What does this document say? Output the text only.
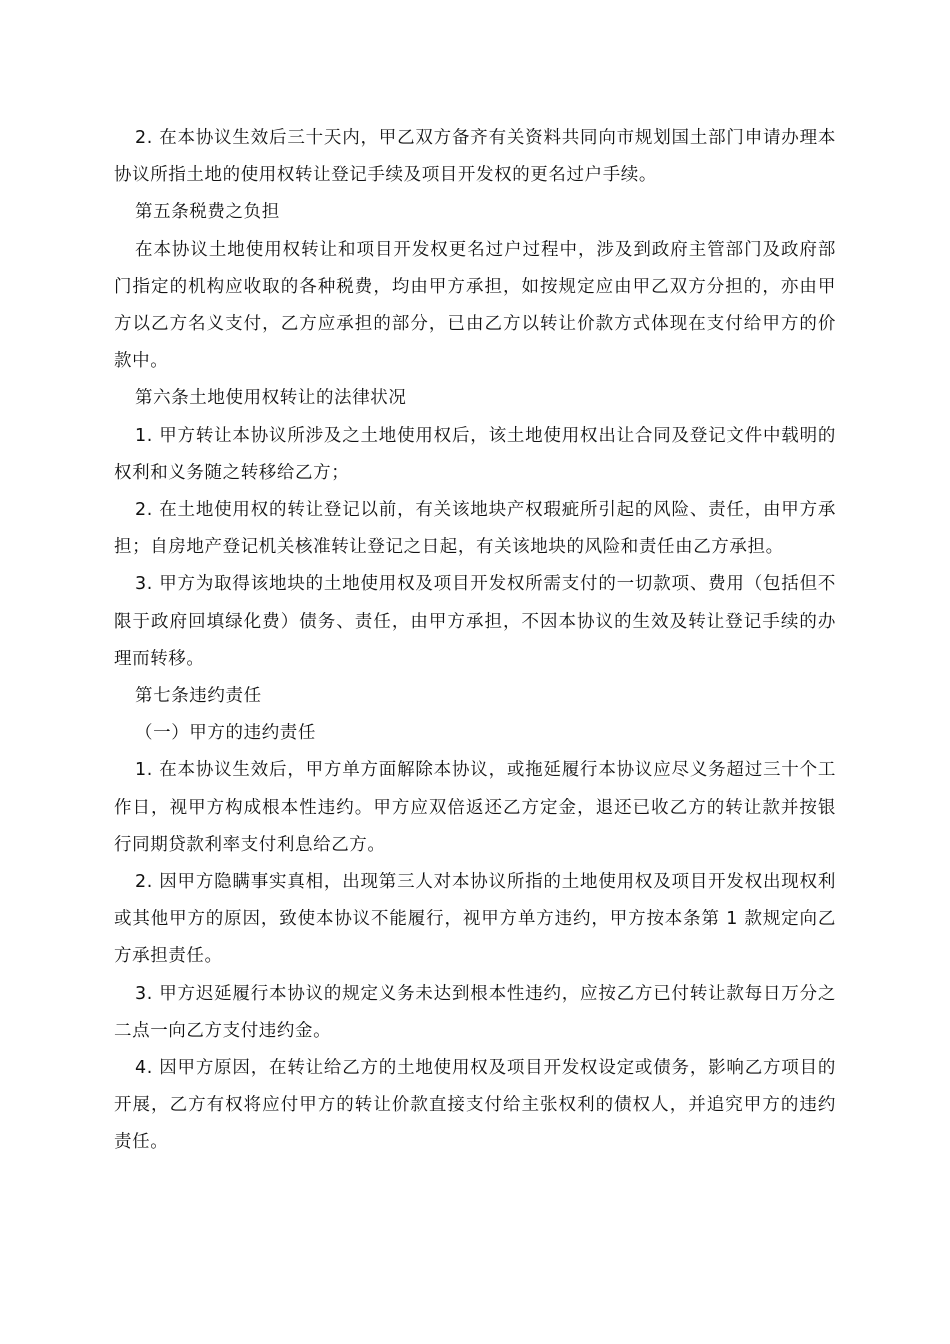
2. 在本协议生效后三十天内，甲乙双方备齐有关资料共同向市规划国土部门申请办理本协议所指土地的使用权转让登记手续及项目开发权的更名过户手续。

第五条税费之负担

在本协议土地使用权转让和项目开发权更名过户过程中，涉及到政府主管部门及政府部门指定的机构应收取的各种税费，均由甲方承担，如按规定应由甲乙双方分担的，亦由甲方以乙方名义支付，乙方应承担的部分，已由乙方以转让价款方式体现在支付给甲方的价款中。

第六条土地使用权转让的法律状况

1. 甲方转让本协议所涉及之土地使用权后，该土地使用权出让合同及登记文件中载明的权利和义务随之转移给乙方；

2. 在土地使用权的转让登记以前，有关该地块产权瑕疵所引起的风险、责任，由甲方承担；自房地产登记机关核准转让登记之日起，有关该地块的风险和责任由乙方承担。

3. 甲方为取得该地块的土地使用权及项目开发权所需支付的一切款项、费用（包括但不限于政府回填绿化费）债务、责任，由甲方承担，不因本协议的生效及转让登记手续的办理而转移。

第七条违约责任

（一）甲方的违约责任

1. 在本协议生效后，甲方单方面解除本协议，或拖延履行本协议应尽义务超过三十个工作日，视甲方构成根本性违约。甲方应双倍返还乙方定金，退还已收乙方的转让款并按银行同期贷款利率支付利息给乙方。

2. 因甲方隐瞒事实真相，出现第三人对本协议所指的土地使用权及项目开发权出现权利或其他甲方的原因，致使本协议不能履行，视甲方单方违约，甲方按本条第 1 款规定向乙方承担责任。

3. 甲方迟延履行本协议的规定义务未达到根本性违约，应按乙方已付转让款每日万分之二点一向乙方支付违约金。

4. 因甲方原因，在转让给乙方的土地使用权及项目开发权设定或债务，影响乙方项目的开展，乙方有权将应付甲方的转让价款直接支付给主张权利的债权人，并追究甲方的违约责任。
